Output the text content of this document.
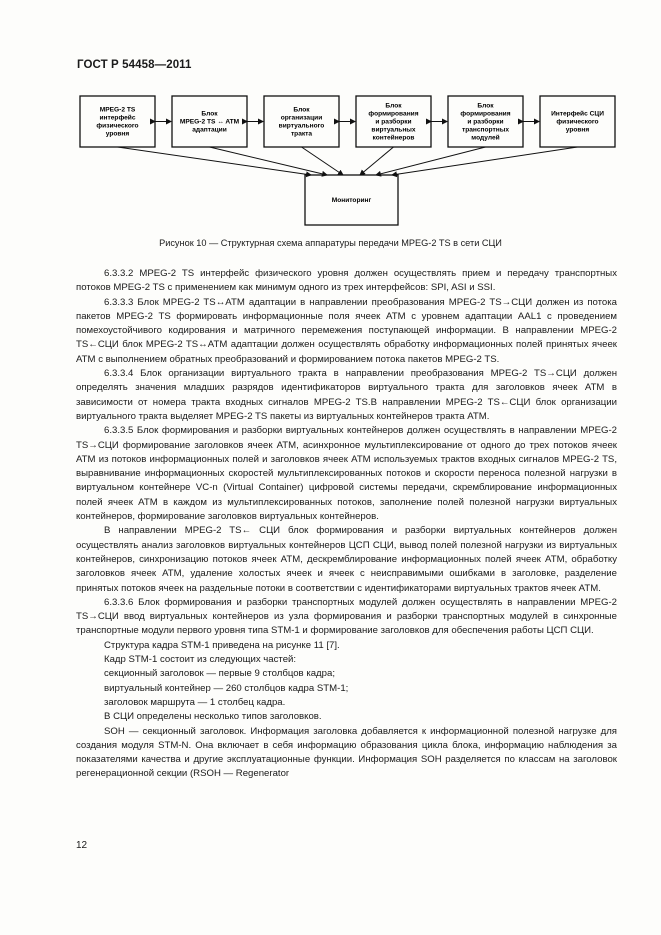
ГОСТ Р 54458—2011
MPEG-2 TS
интерфейс
физического
уровня
Блок
MPEG-2 TS ↔ ATM
адаптации
Блок
организации
виртуального
тракта
Блок
формирования
и разборки
виртуальных
контейнеров
Блок
формирования
и разборки
транспортных
модулей
Интерфейс СЦИ
физического
уровня
Мониторинг
Рисунок 10 — Структурная схема аппаратуры передачи MPEG-2 TS в сети СЦИ

6.3.3.2 MPEG-2 TS интерфейс физического уровня должен осуществлять прием и передачу транспортных потоков MPEG-2 TS с применением как минимум одного из трех интерфейсов: SPI, ASI и SSI.

6.3.3.3 Блок MPEG-2 TS↔ATM адаптации в направлении преобразования MPEG-2 TS→СЦИ должен из потока пакетов MPEG-2 TS формировать информационные поля ячеек ATM с уровнем адаптации AAL1 с проведением помехоустойчивого кодирования и матричного перемежения поступающей информации. В направлении MPEG-2 TS←СЦИ блок MPEG-2 TS↔ATM адаптации должен осуществлять обработку информационных полей принятых ячеек ATM с выполнением обратных преобразований и формированием потока пакетов MPEG-2 TS.

6.3.3.4 Блок организации виртуального тракта в направлении преобразования MPEG-2 TS→СЦИ должен определять значения младших разрядов идентификаторов виртуального тракта для заголовков ячеек ATM в зависимости от номера тракта входных сигналов MPEG-2 TS.В направлении MPEG-2 TS←СЦИ блок организации виртуального тракта выделяет MPEG-2 TS пакеты из виртуальных контейнеров тракта ATM.

6.3.3.5 Блок формирования и разборки виртуальных контейнеров должен осуществлять в направлении MPEG-2 TS→СЦИ формирование заголовков ячеек ATM, асинхронное мультиплексирование от одного до трех потоков ячеек ATM из потоков информационных полей и заголовков ячеек ATM используемых трактов входных сигналов MPEG-2 TS, выравнивание информационных скоростей мультиплексированных потоков и скорости переноса полезной нагрузки в виртуальном контейнере VC-n (Virtual Container) цифровой системы передачи, скремблирование информационных полей ячеек ATM в каждом из мультиплексированных потоков, заполнение полей полезной нагрузки виртуальных контейнеров, формирование заголовков виртуальных контейнеров.

В направлении MPEG-2 TS← СЦИ блок формирования и разборки виртуальных контейнеров должен осуществлять анализ заголовков виртуальных контейнеров ЦСП СЦИ, вывод полей полезной нагрузки из виртуальных контейнеров, синхронизацию потоков ячеек ATM, дескремблирование информационных полей ячеек ATM, обработку заголовков ячеек ATM, удаление холостых ячеек и ячеек с неисправимыми ошибками в заголовке, разделение принятых потоков ячеек на раздельные потоки в соответствии с идентификаторами виртуальных трактов ячеек ATM.

6.3.3.6 Блок формирования и разборки транспортных модулей должен осуществлять в направлении MPEG-2 TS→СЦИ ввод виртуальных контейнеров из узла формирования и разборки транспортных модулей в синхронные транспортные модули первого уровня типа STM-1 и формирование заголовков для обеспечения работы ЦСП СЦИ.

Структура кадра STM-1 приведена на рисунке 11 [7].

Кадр STM-1 состоит из следующих частей:

секционный заголовок — первые 9 столбцов кадра;

виртуальный контейнер — 260 столбцов кадра STM-1;

заголовок маршрута — 1 столбец кадра.

В СЦИ определены несколько типов заголовков.

SOH — секционный заголовок. Информация заголовка добавляется к информационной полезной нагрузке для создания модуля STM-N. Она включает в себя информацию образования цикла блока, информацию наблюдения за показателями качества и другие эксплуатационные функции. Информация SOH разделяется по классам на заголовок регенерационной секции (RSOH — Regenerator

12
